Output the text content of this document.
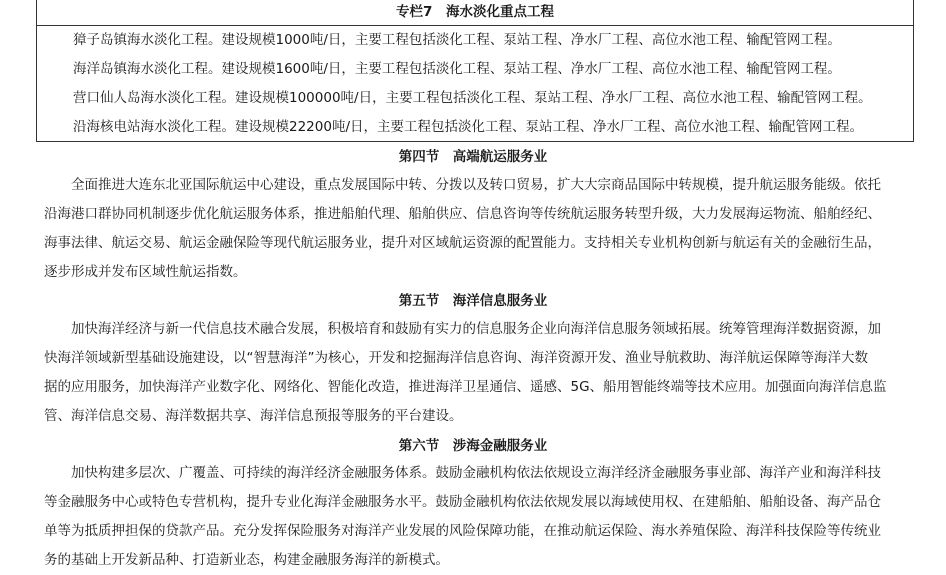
专栏7　海水淡化重点工程
獐子岛镇海水淡化工程。建设规模1000吨/日，主要工程包括淡化工程、泵站工程、净水厂工程、高位水池工程、输配管网工程。
海洋岛镇海水淡化工程。建设规模1600吨/日，主要工程包括淡化工程、泵站工程、净水厂工程、高位水池工程、输配管网工程。
营口仙人岛海水淡化工程。建设规模100000吨/日，主要工程包括淡化工程、泵站工程、净水厂工程、高位水池工程、输配管网工程。
沿海核电站海水淡化工程。建设规模22200吨/日，主要工程包括淡化工程、泵站工程、净水厂工程、高位水池工程、输配管网工程。
第四节　高端航运服务业
全面推进大连东北亚国际航运中心建设，重点发展国际中转、分拨以及转口贸易，扩大大宗商品国际中转规模，提升航运服务能级。依托
沿海港口群协同机制逐步优化航运服务体系，推进船舶代理、船舶供应、信息咨询等传统航运服务转型升级，大力发展海运物流、船舶经纪、
海事法律、航运交易、航运金融保险等现代航运服务业，提升对区域航运资源的配置能力。支持相关专业机构创新与航运有关的金融衍生品，
逐步形成并发布区域性航运指数。
第五节　海洋信息服务业
加快海洋经济与新一代信息技术融合发展，积极培育和鼓励有实力的信息服务企业向海洋信息服务领域拓展。统筹管理海洋数据资源，加
快海洋领域新型基础设施建设，以“智慧海洋”为核心，开发和挖掘海洋信息咨询、海洋资源开发、渔业导航救助、海洋航运保障等海洋大数
据的应用服务，加快海洋产业数字化、网络化、智能化改造，推进海洋卫星通信、遥感、5G、船用智能终端等技术应用。加强面向海洋信息监
管、海洋信息交易、海洋数据共享、海洋信息预报等服务的平台建设。
第六节　涉海金融服务业
加快构建多层次、广覆盖、可持续的海洋经济金融服务体系。鼓励金融机构依法依规设立海洋经济金融服务事业部、海洋产业和海洋科技
等金融服务中心或特色专营机构，提升专业化海洋金融服务水平。鼓励金融机构依法依规发展以海域使用权、在建船舶、船舶设备、海产品仓
单等为抵质押担保的贷款产品。充分发挥保险服务对海洋产业发展的风险保障功能，在推动航运保险、海水养殖保险、海洋科技保险等传统业
务的基础上开发新品种、打造新业态，构建金融服务海洋的新模式。
